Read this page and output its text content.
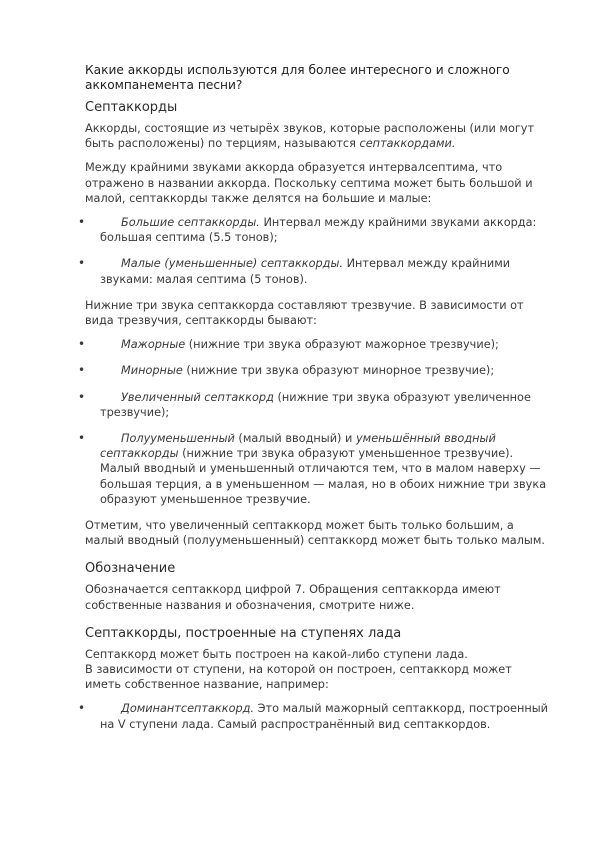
Какие аккорды используются для более интересного и сложного
аккомпанемента песни?
Септаккорды

Аккорды, состоящие из четырёх звуков, которые расположены (или могут быть расположены) по терциям, называются септаккордами.

Между крайними звуками аккорда образуется интервалсептима, что отражено в названии аккорда. Поскольку септима может быть большой и малой, септаккорды также делятся на большие и малые:

•	Большие септаккорды. Интервал между крайними звуками аккорда: большая септима (5.5 тонов);
•	Малые (уменьшенные) септаккорды. Интервал между крайними звуками: малая септима (5 тонов).

Нижние три звука септаккорда составляют трезвучие. В зависимости от вида трезвучия, септаккорды бывают:

•	Мажорные (нижние три звука образуют мажорное трезвучие);
•	Минорные (нижние три звука образуют минорное трезвучие);
•	Увеличенный септаккорд (нижние три звука образуют увеличенное трезвучие);
•	Полууменьшенный (малый вводный) и уменьшённый вводный септаккорды (нижние три звука образуют уменьшенное трезвучие). Малый вводный и уменьшенный отличаются тем, что в малом наверху — большая терция, а в уменьшенном — малая, но в обоих нижние три звука образуют уменьшенное трезвучие.

Отметим, что увеличенный септаккорд может быть только большим, а малый вводный (полууменьшенный) септаккорд может быть только малым.

Обозначение

Обозначается септаккорд цифрой 7. Обращения септаккорда имеют собственные названия и обозначения, смотрите ниже.

Септаккорды, построенные на ступенях лада

Септаккорд может быть построен на какой-либо ступени лада.
В зависимости от ступени, на которой он построен, септаккорд может иметь собственное название, например:

•	Доминантсептаккорд. Это малый мажорный септаккорд, построенный на V ступени лада. Самый распространённый вид септаккордов.
